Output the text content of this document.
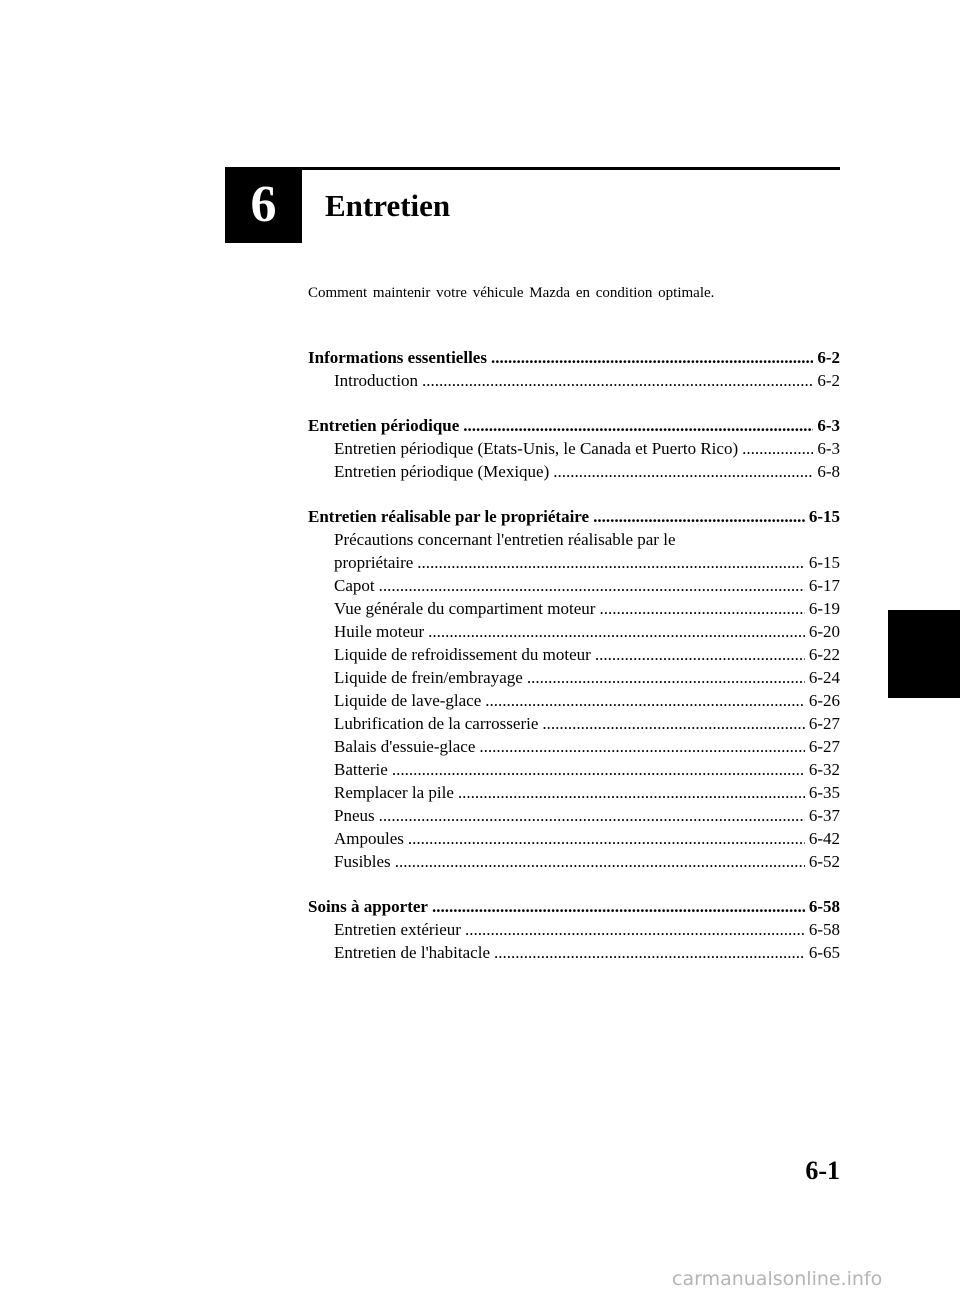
6	Entretien
Comment maintenir votre véhicule Mazda en condition optimale.
Informations essentielles .....	6-2
Introduction .....	6-2
Entretien périodique .....	6-3
Entretien périodique (Etats-Unis, le Canada et Puerto Rico) .....	6-3
Entretien périodique (Mexique) .....	6-8
Entretien réalisable par le propriétaire .....	6-15
Précautions concernant l'entretien réalisable par le
propriétaire .....	6-15
Capot .....	6-17
Vue générale du compartiment moteur .....	6-19
Huile moteur .....	6-20
Liquide de refroidissement du moteur .....	6-22
Liquide de frein/embrayage .....	6-24
Liquide de lave-glace .....	6-26
Lubrification de la carrosserie .....	6-27
Balais d'essuie-glace .....	6-27
Batterie .....	6-32
Remplacer la pile .....	6-35
Pneus .....	6-37
Ampoules .....	6-42
Fusibles .....	6-52
Soins à apporter .....	6-58
Entretien extérieur .....	6-58
Entretien de l'habitacle .....	6-65
6-1
carmanualsonline.info
